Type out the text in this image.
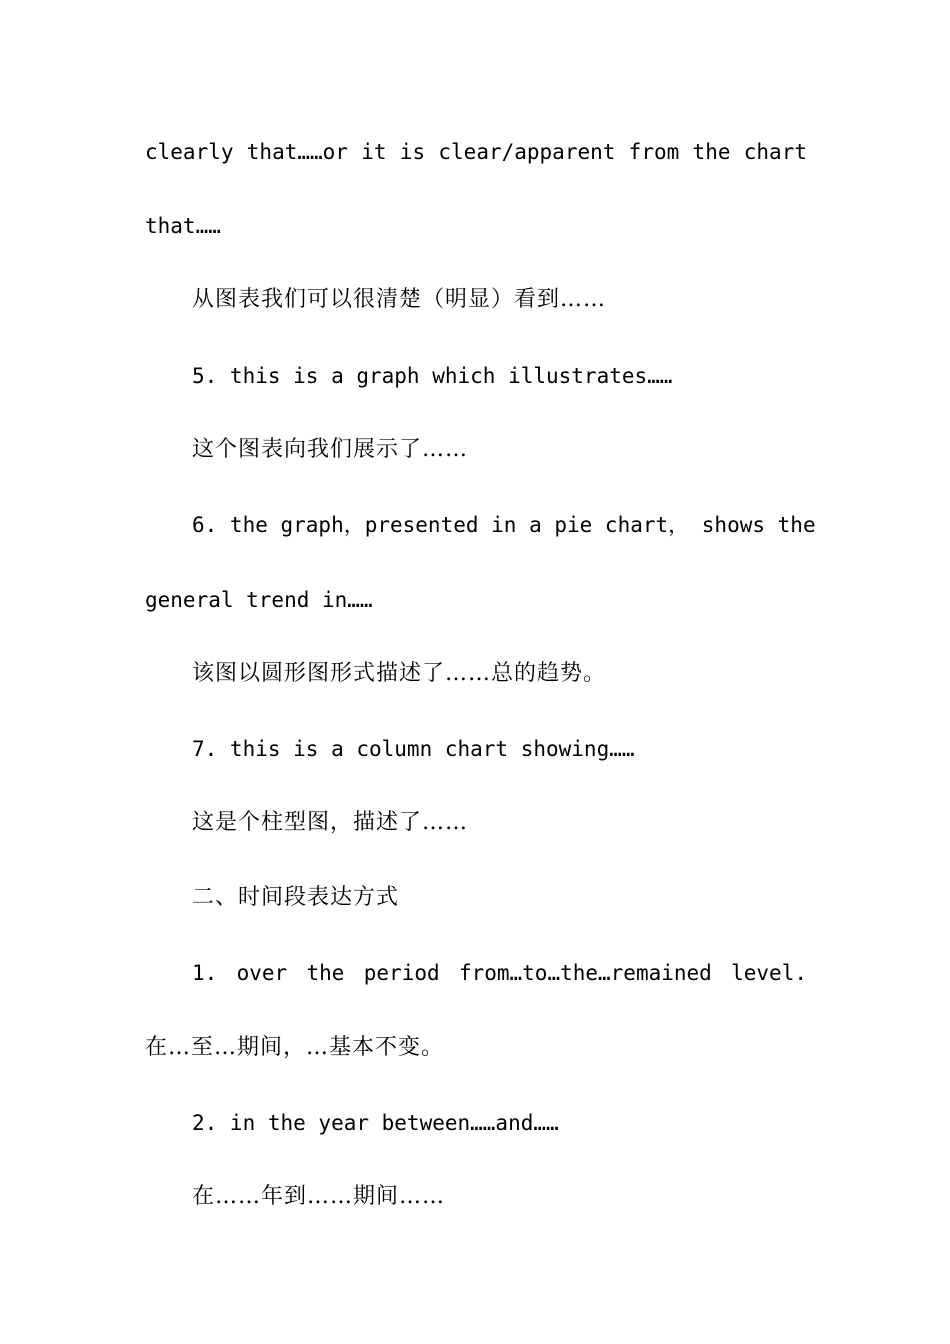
clearly that……or it is clear/apparent from the chart
that……
从图表我们可以很清楚（明显）看到……
5. this is a graph which illustrates……
这个图表向我们展示了……
6. the graph，presented in a pie chart， shows the
general trend in……
该图以圆形图形式描述了……总的趋势。
7. this is a column chart showing……
这是个柱型图，描述了……
二、时间段表达方式
1. over the period from…to…the…remained level.
在…至…期间，…基本不变。
2. in the year between……and……
在……年到……期间……
